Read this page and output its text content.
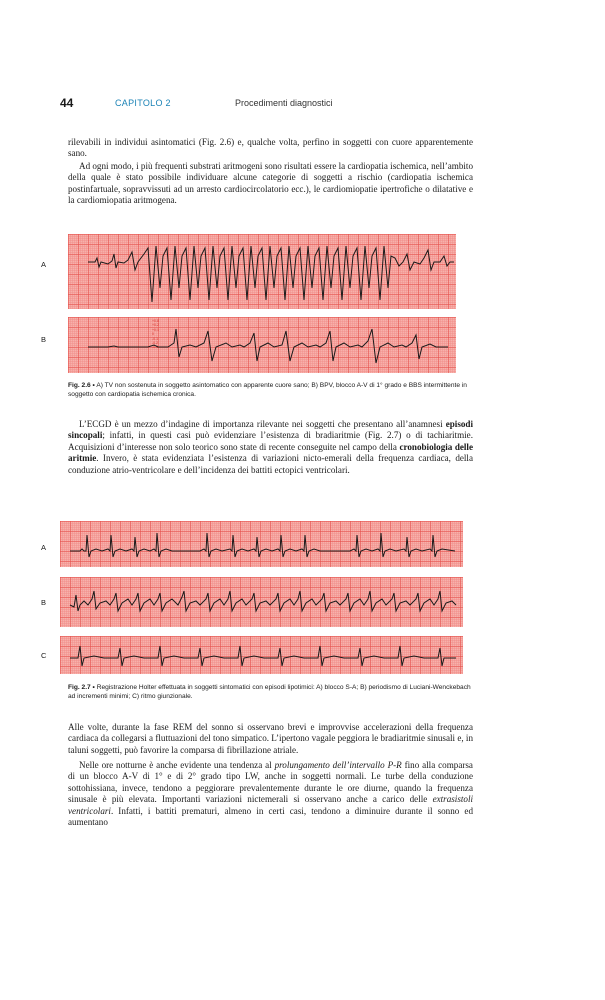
44	CAPITOLO 2	Procedimenti diagnostici

rilevabili in individui asintomatici (Fig. 2.6) e, qualche volta, perfino in soggetti con cuore apparentemente sano.

Ad ogni modo, i più frequenti substrati aritmogeni sono risultati essere la cardiopatia ischemica, nell’ambito della quale è stato possibile individuare alcune categorie di soggetti a rischio (cardiopatia ischemica postinfartuale, sopravvissuti ad un arresto cardiocircolatorio ecc.), le cardiomiopatie ipertrofiche o dilatative e la cardiomiopatia aritmogena.

A
B
+0.8
+0.2
+0.1
0
-0.1
-0.2
-0.3

Fig. 2.6 • A) TV non sostenuta in soggetto asintomatico con apparente cuore sano; B) BPV, blocco A-V di 1° grado e BBS intermittente in soggetto con cardiopatia ischemica cronica.

L’ECGD è un mezzo d’indagine di importanza rilevante nei soggetti che presentano all’anamnesi episodi sincopali; infatti, in questi casi può evidenziare l’esistenza di bradiaritmie (Fig. 2.7) o di tachiaritmie. Acquisizioni d’interesse non solo teorico sono state di recente conseguite nel campo della cronobiologia delle aritmie. Invero, è stata evidenziata l’esistenza di variazioni nicto-emerali della frequenza cardiaca, della conduzione atrio-ventricolare e dell’incidenza dei battiti ectopici ventricolari.

A
B
C

Fig. 2.7 • Registrazione Holter effettuata in soggetti sintomatici con episodi lipotimici: A) blocco S-A; B) periodismo di Luciani-Wenckebach ad incrementi minimi; C) ritmo giunzionale.

Alle volte, durante la fase REM del sonno si osservano brevi e improvvise accelerazioni della frequenza cardiaca da collegarsi a fluttuazioni del tono simpatico. L’ipertono vagale peggiora le bradiaritmie sinusali e, in taluni soggetti, può favorire la comparsa di fibrillazione atriale.

Nelle ore notturne è anche evidente una tendenza al prolungamento dell’intervallo P-R fino alla comparsa di un blocco A-V di 1° e di 2° grado tipo LW, anche in soggetti normali. Le turbe della conduzione sottohissiana, invece, tendono a peggiorare prevalentemente durante le ore diurne, quando la frequenza sinusale è più elevata. Importanti variazioni nictemerali si osservano anche a carico delle extrasistoli ventricolari. Infatti, i battiti prematuri, almeno in certi casi, tendono a diminuire durante il sonno ed aumentano
